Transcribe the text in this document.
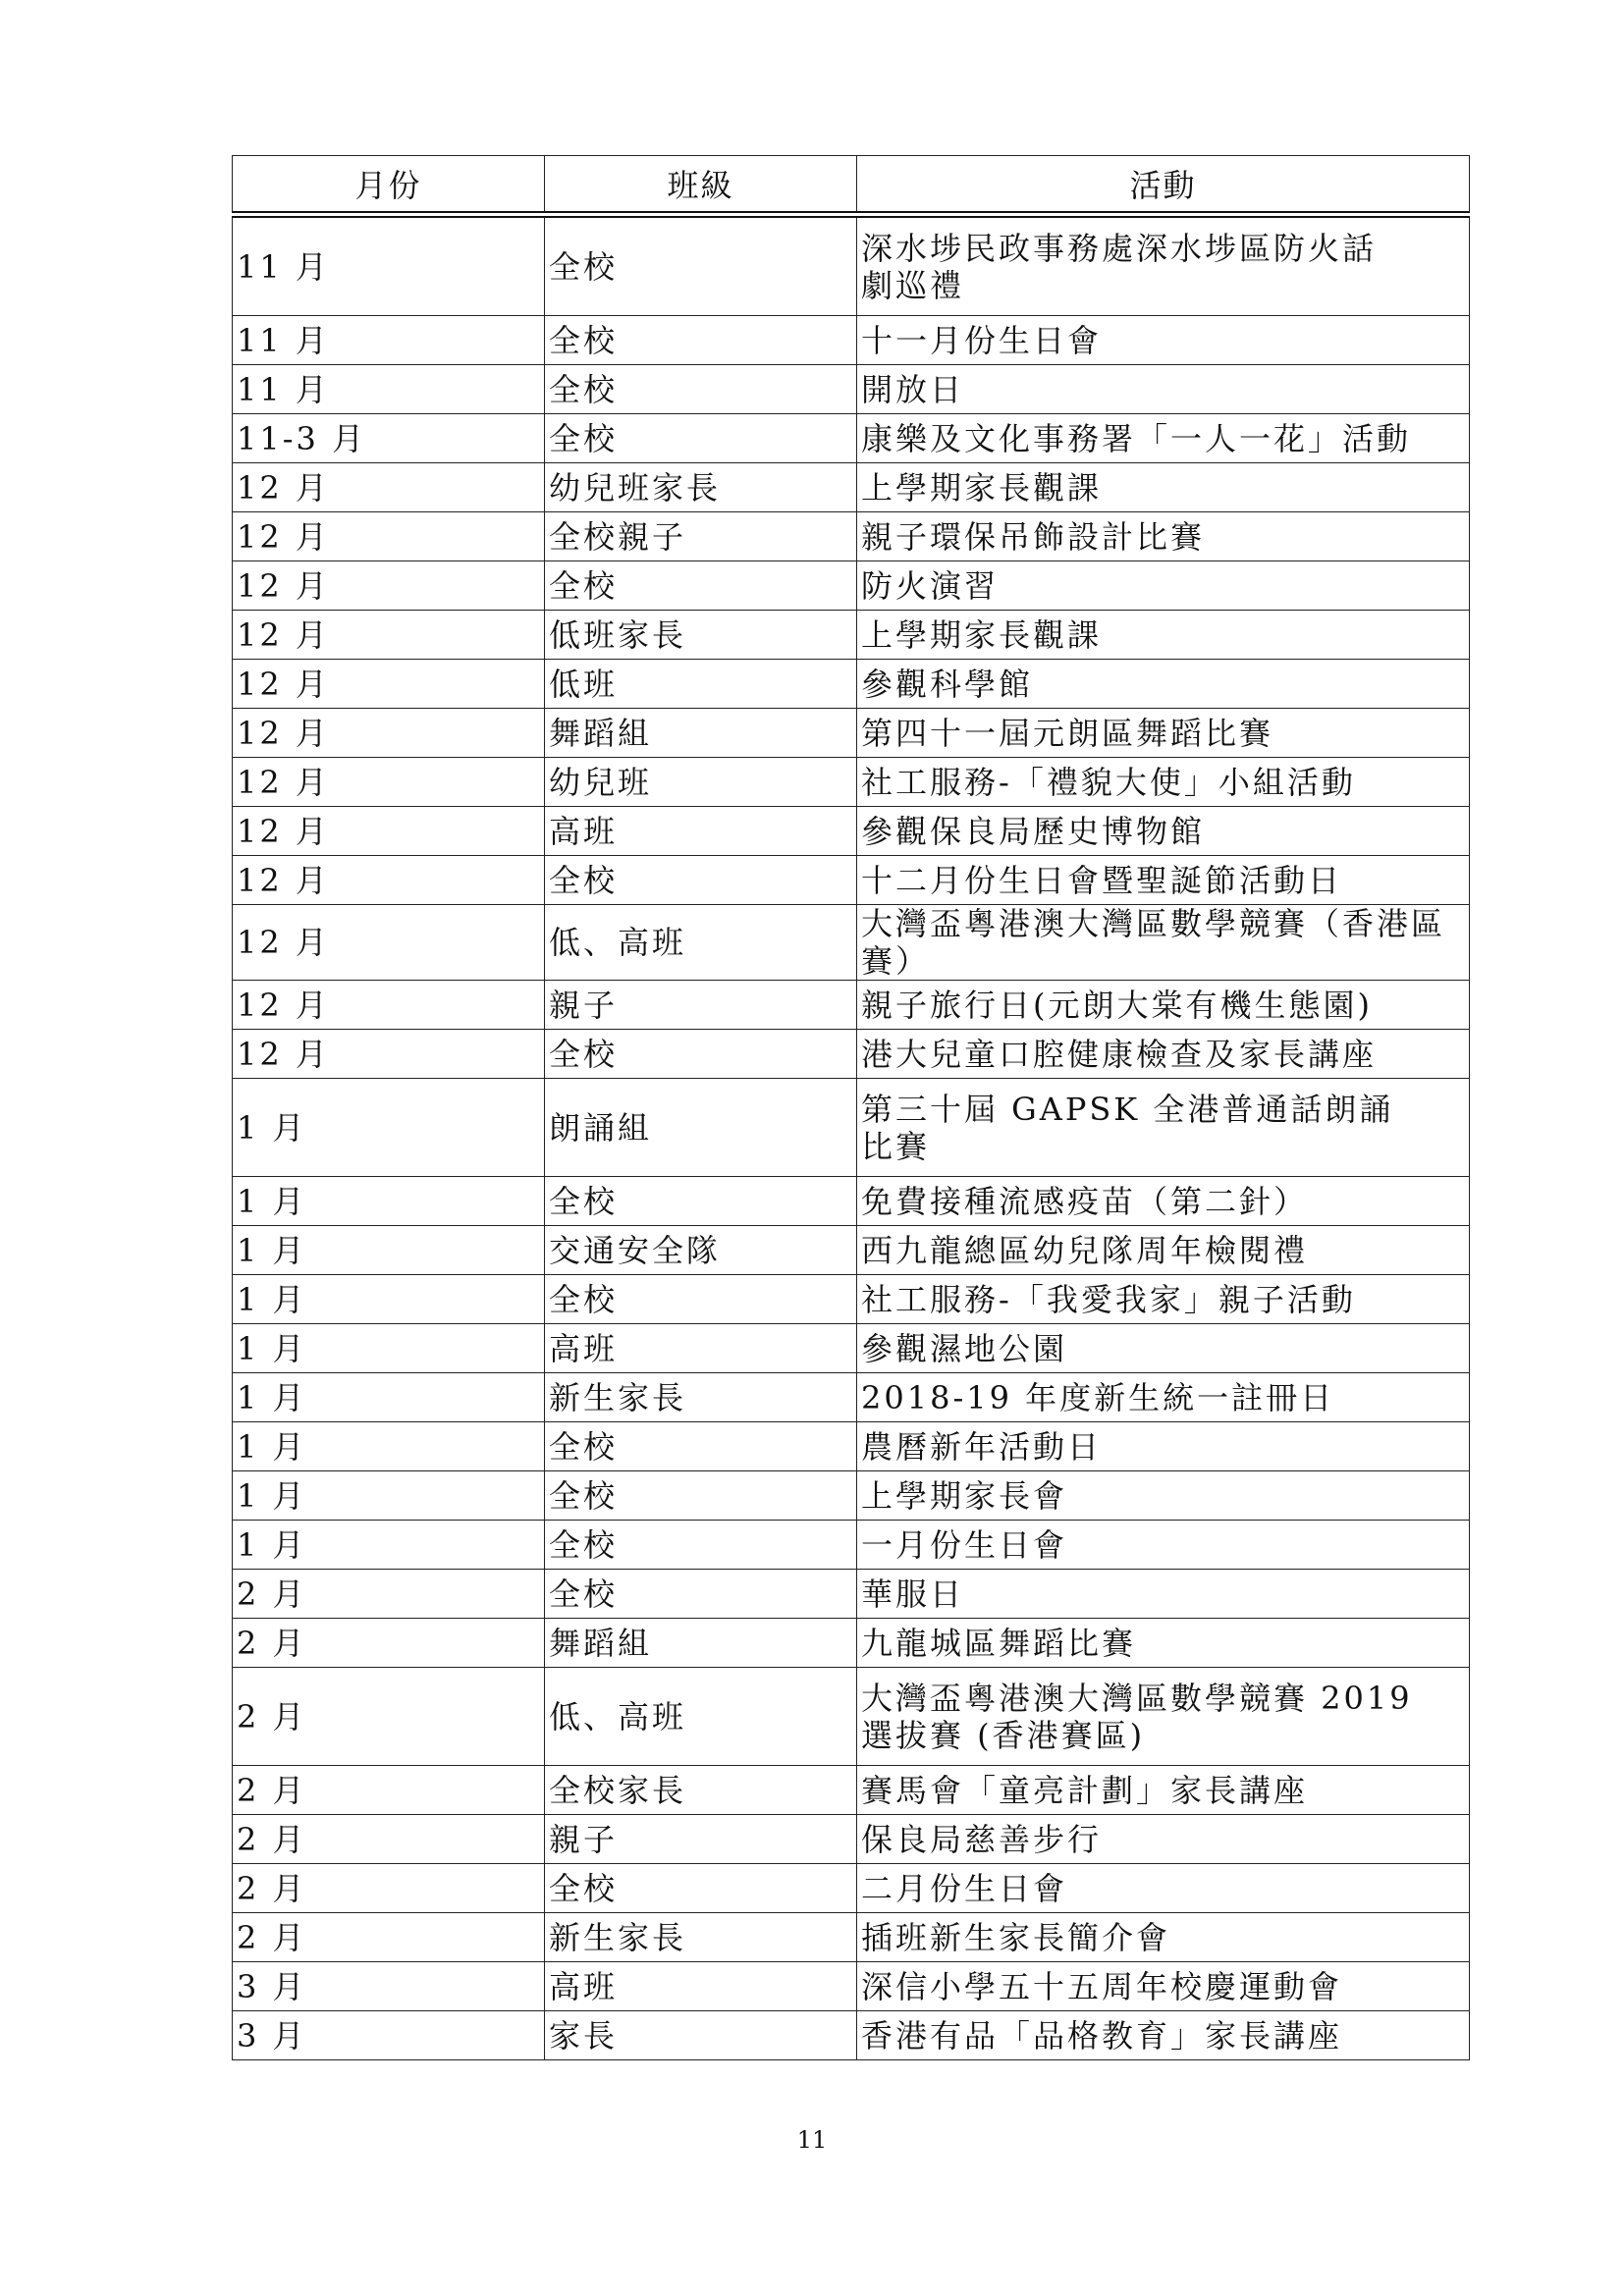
月份	班級	活動
11 月	全校	深水埗民政事務處深水埗區防火話
劇巡禮

11 月	全校	十一月份生日會

11 月	全校	開放日

11-3 月	全校	康樂及文化事務署「一人一花」活動

12 月	幼兒班家長	上學期家長觀課

12 月	全校親子	親子環保吊飾設計比賽

12 月	全校	防火演習

12 月	低班家長	上學期家長觀課

12 月	低班	參觀科學館

12 月	舞蹈組	第四十一屆元朗區舞蹈比賽

12 月	幼兒班	社工服務-「禮貌大使」小組活動

12 月	高班	參觀保良局歷史博物館

12 月	全校	十二月份生日會暨聖誕節活動日

12 月	低、高班	大灣盃粵港澳大灣區數學競賽（香港區賽）

12 月	親子	親子旅行日(元朗大棠有機生態園)

12 月	全校	港大兒童口腔健康檢查及家長講座

1 月	朗誦組	第三十屆 GAPSK 全港普通話朗誦
比賽

1 月	全校	免費接種流感疫苗（第二針）

1 月	交通安全隊	西九龍總區幼兒隊周年檢閱禮

1 月	全校	社工服務-「我愛我家」親子活動

1 月	高班	參觀濕地公園

1 月	新生家長	2018-19 年度新生統一註冊日

1 月	全校	農曆新年活動日

1 月	全校	上學期家長會

1 月	全校	一月份生日會

2 月	全校	華服日

2 月	舞蹈組	九龍城區舞蹈比賽

2 月	低、高班	大灣盃粵港澳大灣區數學競賽 2019
選拔賽 (香港賽區)

2 月	全校家長	賽馬會「童亮計劃」家長講座

2 月	親子	保良局慈善步行

2 月	全校	二月份生日會

2 月	新生家長	插班新生家長簡介會

3 月	高班	深信小學五十五周年校慶運動會

3 月	家長	香港有品「品格教育」家長講座
11
